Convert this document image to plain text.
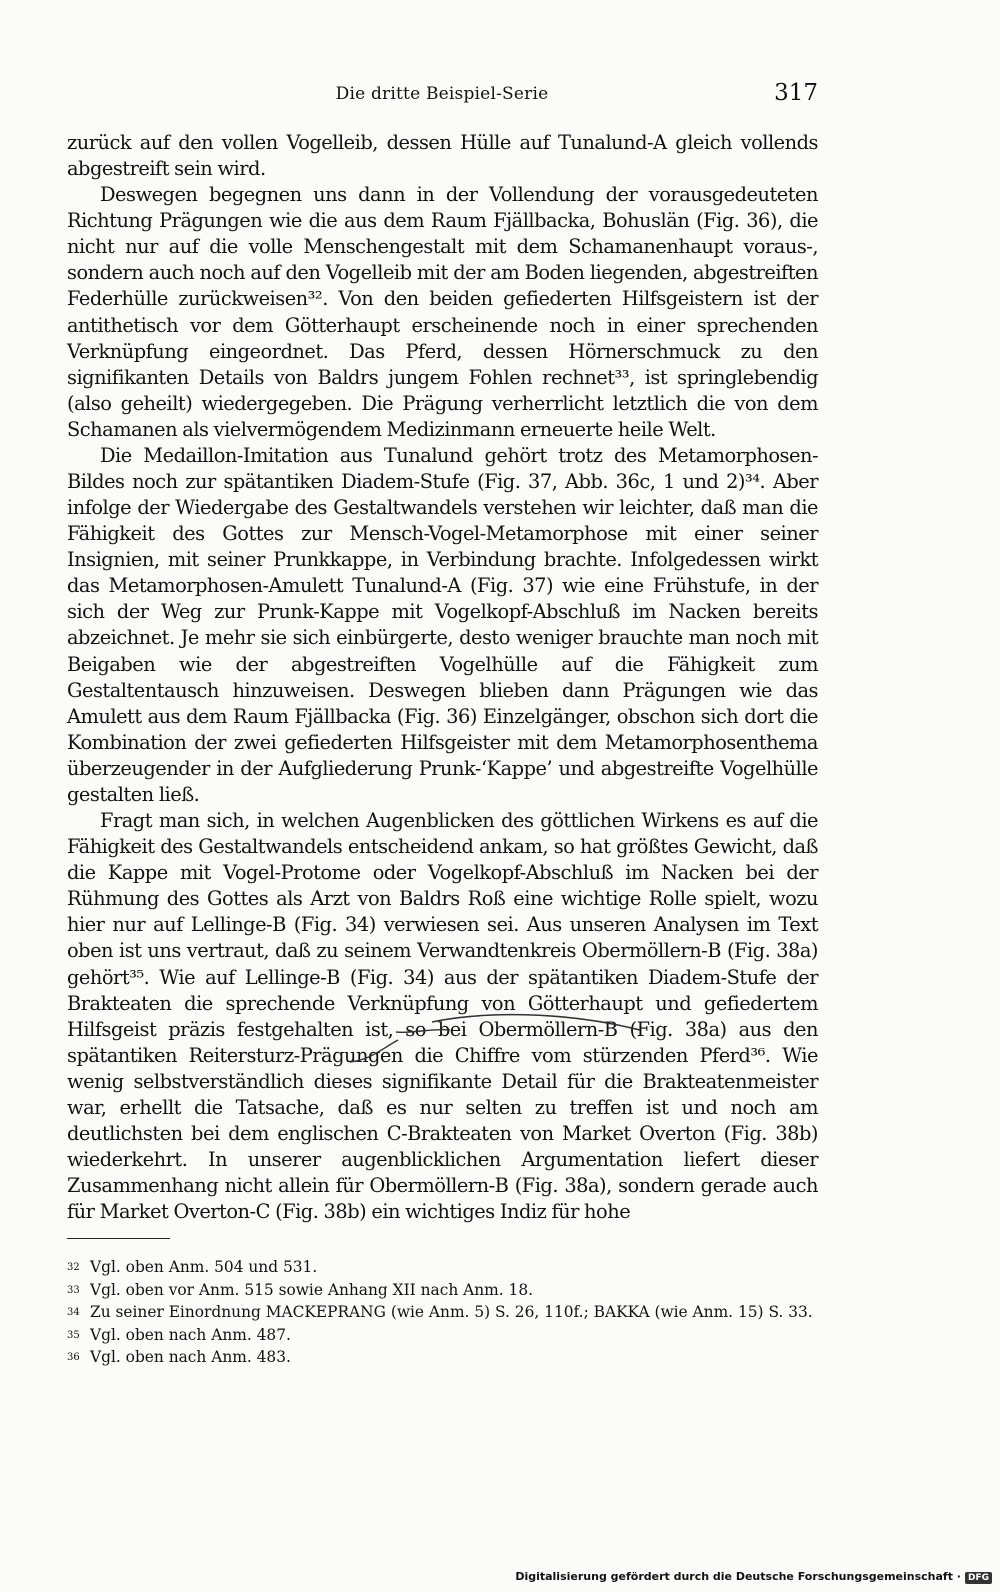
Die dritte Beispiel-Serie	317

zurück auf den vollen Vogelleib, dessen Hülle auf Tunalund-A gleich vollends abgestreift sein wird.

Deswegen begegnen uns dann in der Vollendung der vorausgedeuteten Richtung Prägungen wie die aus dem Raum Fjällbacka, Bohuslän (Fig. 36), die nicht nur auf die volle Menschengestalt mit dem Schamanenhaupt voraus-, sondern auch noch auf den Vogelleib mit der am Boden liegenden, abgestreiften Federhülle zurückweisen³². Von den beiden gefiederten Hilfsgeistern ist der antithetisch vor dem Götterhaupt erscheinende noch in einer sprechenden Verknüpfung eingeordnet. Das Pferd, dessen Hörnerschmuck zu den signifikanten Details von Baldrs jungem Fohlen rechnet³³, ist springlebendig (also geheilt) wiedergegeben. Die Prägung verherrlicht letztlich die von dem Schamanen als vielvermögendem Medizinmann erneuerte heile Welt.

Die Medaillon-Imitation aus Tunalund gehört trotz des Metamorphosen-Bildes noch zur spätantiken Diadem-Stufe (Fig. 37, Abb. 36c, 1 und 2)³⁴. Aber infolge der Wiedergabe des Gestaltwandels verstehen wir leichter, daß man die Fähigkeit des Gottes zur Mensch-Vogel-Metamorphose mit einer seiner Insignien, mit seiner Prunkkappe, in Verbindung brachte. Infolgedessen wirkt das Metamorphosen-Amulett Tunalund-A (Fig. 37) wie eine Frühstufe, in der sich der Weg zur Prunk-Kappe mit Vogelkopf-Abschluß im Nacken bereits abzeichnet. Je mehr sie sich einbürgerte, desto weniger brauchte man noch mit Beigaben wie der abgestreiften Vogelhülle auf die Fähigkeit zum Gestaltentausch hinzuweisen. Deswegen blieben dann Prägungen wie das Amulett aus dem Raum Fjällbacka (Fig. 36) Einzelgänger, obschon sich dort die Kombination der zwei gefiederten Hilfsgeister mit dem Metamorphosenthema überzeugender in der Aufgliederung Prunk-‘Kappe’ und abgestreifte Vogelhülle gestalten ließ.

Fragt man sich, in welchen Augenblicken des göttlichen Wirkens es auf die Fähigkeit des Gestaltwandels entscheidend ankam, so hat größtes Gewicht, daß die Kappe mit Vogel-Protome oder Vogelkopf-Abschluß im Nacken bei der Rühmung des Gottes als Arzt von Baldrs Roß eine wichtige Rolle spielt, wozu hier nur auf Lellinge-B (Fig. 34) verwiesen sei. Aus unseren Analysen im Text oben ist uns vertraut, daß zu seinem Verwandtenkreis Obermöllern-B (Fig. 38a) gehört³⁵. Wie auf Lellinge-B (Fig. 34) aus der spätantiken Diadem-Stufe der Brakteaten die sprechende Verknüpfung von Götterhaupt und gefiedertem Hilfsgeist präzis festgehalten ist, so bei Obermöllern-B (Fig. 38a) aus den spätantiken Reitersturz-Prägungen die Chiffre vom stürzenden Pferd³⁶. Wie wenig selbstverständlich dieses signifikante Detail für die Brakteatenmeister war, erhellt die Tatsache, daß es nur selten zu treffen ist und noch am deutlichsten bei dem englischen C-Brakteaten von Market Overton (Fig. 38b) wiederkehrt. In unserer augenblicklichen Argumentation liefert dieser Zusammenhang nicht allein für Obermöllern-B (Fig. 38a), sondern gerade auch für Market Overton-C (Fig. 38b) ein wichtiges Indiz für hohe

32 Vgl. oben Anm. 504 und 531.

33 Vgl. oben vor Anm. 515 sowie Anhang XII nach Anm. 18.

34 Zu seiner Einordnung MACKEPRANG (wie Anm. 5) S. 26, 110f.; BAKKA (wie Anm. 15) S. 33.

35 Vgl. oben nach Anm. 487.

36 Vgl. oben nach Anm. 483.

Digitalisierung gefördert durch die Deutsche Forschungsgemeinschaft · DFG
